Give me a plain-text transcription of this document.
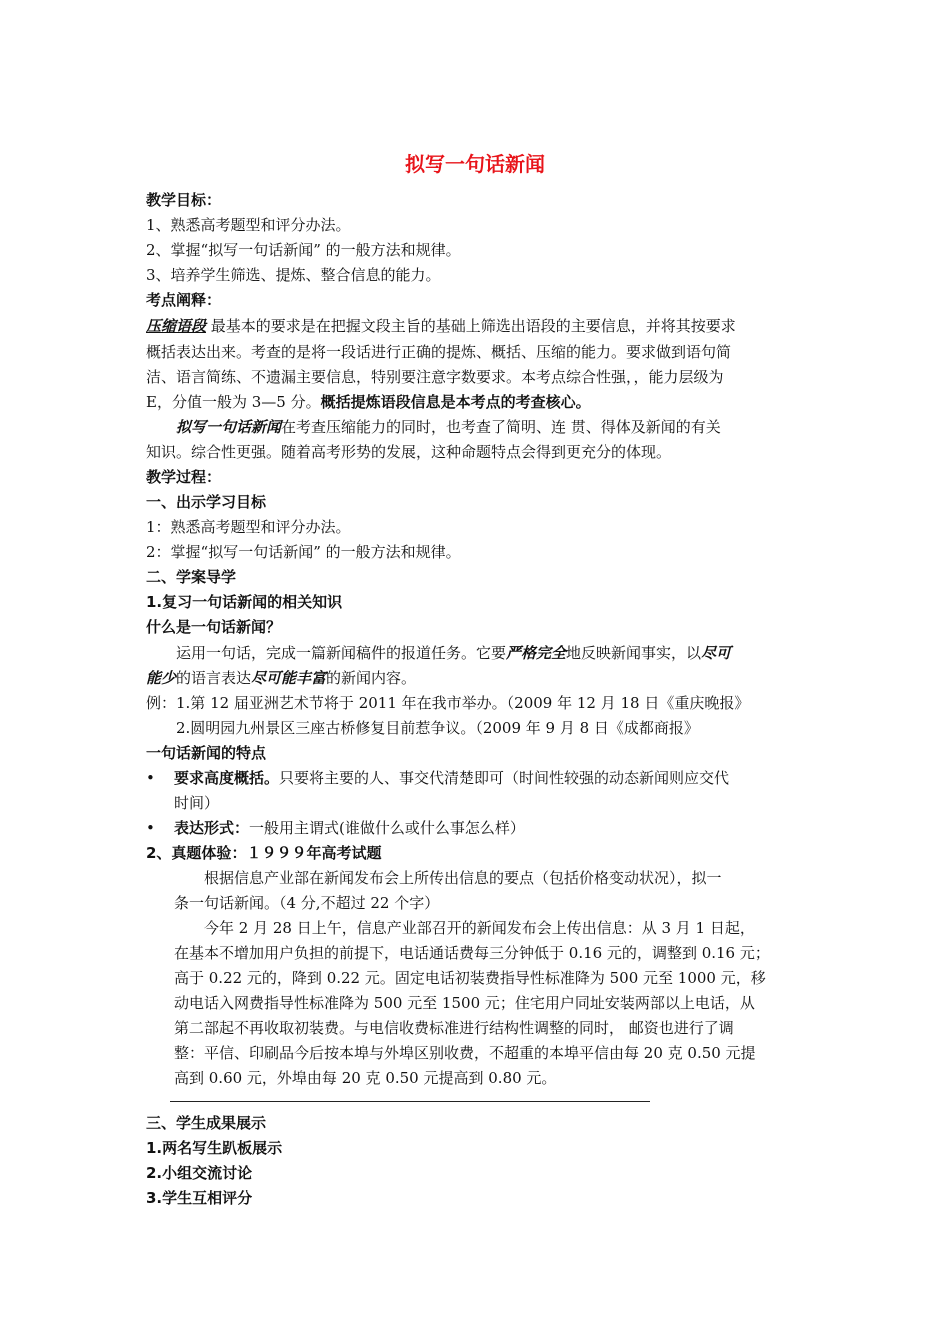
拟写一句话新闻
教学目标：
1、熟悉高考题型和评分办法。
2、掌握“拟写一句话新闻” 的一般方法和规律。
3、培养学生筛选、提炼、整合信息的能力。
考点阐释：
压缩语段 最基本的要求是在把握文段主旨的基础上筛选出语段的主要信息，并将其按要求
概括表达出来。考查的是将一段话进行正确的提炼、概括、压缩的能力。要求做到语句简
洁、语言简练、不遗漏主要信息，特别要注意字数要求。本考点综合性强，，能力层级为
E，分值一般为 3—5 分。概括提炼语段信息是本考点的考查核心。
拟写一句话新闻在考查压缩能力的同时，也考查了简明、连 贯、得体及新闻的有关
知识。综合性更强。随着高考形势的发展，这种命题特点会得到更充分的体现。
教学过程：
一、出示学习目标
1：熟悉高考题型和评分办法。
2：掌握“拟写一句话新闻” 的一般方法和规律。
二、学案导学
1.复习一句话新闻的相关知识
什么是一句话新闻？
运用一句话，完成一篇新闻稿件的报道任务。它要严格完全地反映新闻事实，以尽可
能少的语言表达尽可能丰富的新闻内容。
例：1.第 12 届亚洲艺术节将于 2011 年在我市举办。（2009 年 12 月 18 日《重庆晚报》
2.圆明园九州景区三座古桥修复目前惹争议。（2009 年 9 月 8 日《成都商报》
一句话新闻的特点
• 要求高度概括。只要将主要的人、事交代清楚即可（时间性较强的动态新闻则应交代
时间）
• 表达形式：一般用主谓式(谁做什么或什么事怎么样）
2、真题体验：１９９９年高考试题
根据信息产业部在新闻发布会上所传出信息的要点（包括价格变动状况），拟一
条一句话新闻。（4 分,不超过 22 个字）
今年 2 月 28 日上午，信息产业部召开的新闻发布会上传出信息：从 3 月 1 日起，
在基本不增加用户负担的前提下，电话通话费每三分钟低于 0.16 元的，调整到 0.16 元；
高于 0.22 元的，降到 0.22 元。固定电话初装费指导性标准降为 500 元至 1000 元，移
动电话入网费指导性标准降为 500 元至 1500 元；住宅用户同址安装两部以上电话，从
第二部起不再收取初装费。与电信收费标准进行结构性调整的同时， 邮资也进行了调
整：平信、印刷品今后按本埠与外埠区别收费，不超重的本埠平信由每 20 克 0.50 元提
高到 0.60 元，外埠由每 20 克 0.50 元提高到 0.80 元。
三、学生成果展示
1.两名写生趴板展示
2.小组交流讨论
3.学生互相评分
